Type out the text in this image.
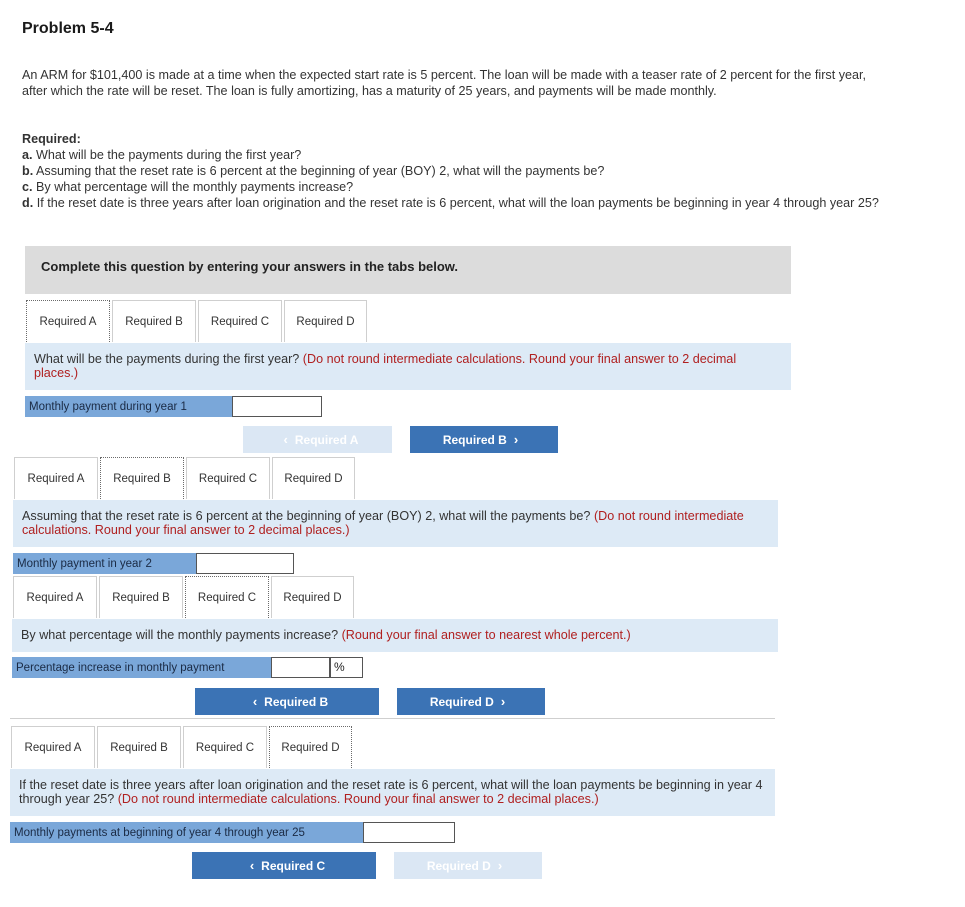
Problem 5-4
An ARM for $101,400 is made at a time when the expected start rate is 5 percent. The loan will be made with a teaser rate of 2 percent for the first year, after which the rate will be reset. The loan is fully amortizing, has a maturity of 25 years, and payments will be made monthly.
Required:
a. What will be the payments during the first year?
b. Assuming that the reset rate is 6 percent at the beginning of year (BOY) 2, what will the payments be?
c. By what percentage will the monthly payments increase?
d. If the reset date is three years after loan origination and the reset rate is 6 percent, what will the loan payments be beginning in year 4 through year 25?
Complete this question by entering your answers in the tabs below.
Required A	Required B	Required C	Required D
What will be the payments during the first year? (Do not round intermediate calculations. Round your final answer to 2 decimal places.)
Monthly payment during year 1
‹ Required A	Required B ›
Required A	Required B	Required C	Required D
Assuming that the reset rate is 6 percent at the beginning of year (BOY) 2, what will the payments be? (Do not round intermediate calculations. Round your final answer to 2 decimal places.)
Monthly payment in year 2
Required A	Required B	Required C	Required D
By what percentage will the monthly payments increase? (Round your final answer to nearest whole percent.)
Percentage increase in monthly payment	%
‹ Required B	Required D ›
Required A	Required B	Required C	Required D
If the reset date is three years after loan origination and the reset rate is 6 percent, what will the loan payments be beginning in year 4 through year 25? (Do not round intermediate calculations. Round your final answer to 2 decimal places.)
Monthly payments at beginning of year 4 through year 25
‹ Required C	Required D ›
